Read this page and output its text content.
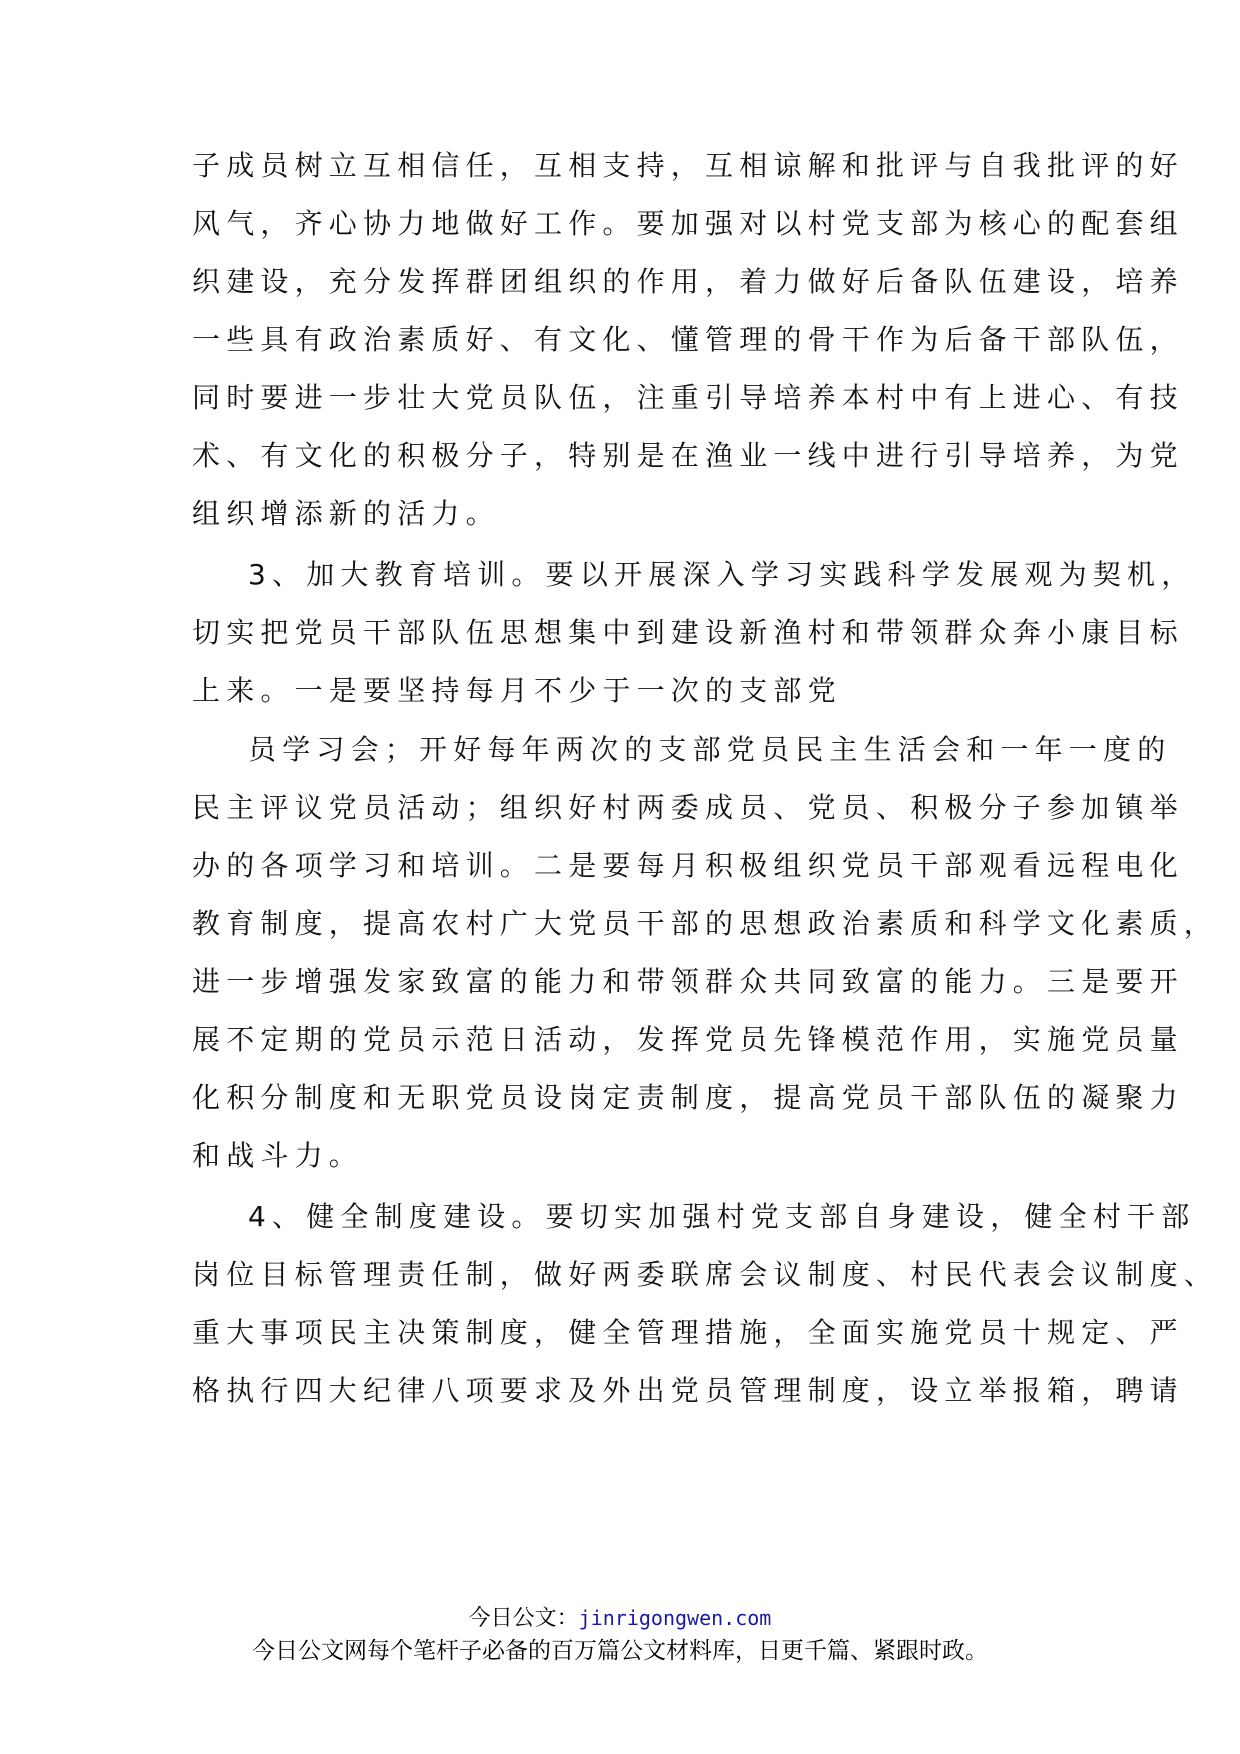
子成员树立互相信任，互相支持，互相谅解和批评与自我批评的好
风气，齐心协力地做好工作。要加强对以村党支部为核心的配套组
织建设，充分发挥群团组织的作用，着力做好后备队伍建设，培养
一些具有政治素质好、有文化、懂管理的骨干作为后备干部队伍，
同时要进一步壮大党员队伍，注重引导培养本村中有上进心、有技
术、有文化的积极分子，特别是在渔业一线中进行引导培养，为党
组织增添新的活力。
3、加大教育培训。要以开展深入学习实践科学发展观为契机，
切实把党员干部队伍思想集中到建设新渔村和带领群众奔小康目标
上来。一是要坚持每月不少于一次的支部党
员学习会；开好每年两次的支部党员民主生活会和一年一度的
民主评议党员活动；组织好村两委成员、党员、积极分子参加镇举
办的各项学习和培训。二是要每月积极组织党员干部观看远程电化
教育制度，提高农村广大党员干部的思想政治素质和科学文化素质，
进一步增强发家致富的能力和带领群众共同致富的能力。三是要开
展不定期的党员示范日活动，发挥党员先锋模范作用，实施党员量
化积分制度和无职党员设岗定责制度，提高党员干部队伍的凝聚力
和战斗力。
4、健全制度建设。要切实加强村党支部自身建设，健全村干部
岗位目标管理责任制，做好两委联席会议制度、村民代表会议制度、
重大事项民主决策制度，健全管理措施，全面实施党员十规定、严
格执行四大纪律八项要求及外出党员管理制度，设立举报箱，聘请
今日公文：jinrigongwen.com
今日公文网每个笔杆子必备的百万篇公文材料库，日更千篇、紧跟时政。
